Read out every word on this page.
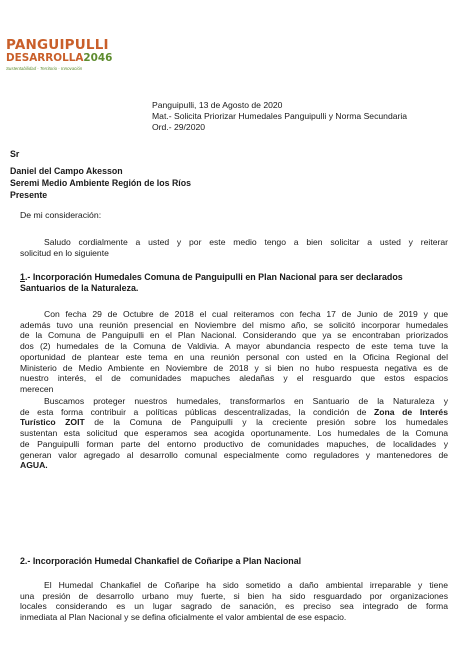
PANGUIPULLI
DESARROLLA2046
Sustentabilidad · Territorio · Innovación
Panguipulli, 13 de Agosto de 2020
Mat.- Solicita Priorizar Humedales Panguipulli y Norma Secundaria
Ord.- 29/2020
Sr
Daniel del Campo Akesson
Seremi Medio Ambiente Región de los Ríos
Presente
De mi consideración:
Saludo cordialmente a usted y por este medio tengo a bien solicitar a usted y reiterar
solicitud en lo siguiente
1.- Incorporación Humedales Comuna de Panguipulli en Plan Nacional para ser declarados
Santuarios de la Naturaleza.
Con fecha 29 de Octubre de 2018 el cual reiteramos con fecha 17 de Junio de 2019 y que
además tuvo una reunión presencial en Noviembre del mismo año, se solicitó incorporar humedales
de la Comuna de Panguipulli en el Plan Nacional. Considerando que ya se encontraban priorizados
dos (2) humedales de la Comuna de Valdivia. A mayor abundancia respecto de este tema tuve la
oportunidad de plantear este tema en una reunión personal con usted en la Oficina Regional del
Ministerio de Medio Ambiente en Noviembre de 2018 y si bien no hubo respuesta negativa es de
nuestro interés, el de comunidades mapuches aledañas y el resguardo que estos espacios
merecen
Buscamos proteger nuestros humedales, transformarlos en Santuario de la Naturaleza y
de esta forma contribuir a políticas públicas descentralizadas, la condición de Zona de Interés
Turístico ZOIT de la Comuna de Panguipulli y la creciente presión sobre los humedales
sustentan esta solicitud que esperamos sea acogida oportunamente. Los humedales de la Comuna
de Panguipulli forman parte del entorno productivo de comunidades mapuches, de localidades y
generan valor agregado al desarrollo comunal especialmente como reguladores y mantenedores de
AGUA.
2.- Incorporación Humedal Chankafiel de Coñaripe a Plan Nacional
El Humedal Chankafiel de Coñaripe ha sido sometido a daño ambiental irreparable y tiene
una presión de desarrollo urbano muy fuerte, si bien ha sido resguardado por organizaciones
locales considerando es un lugar sagrado de sanación, es preciso sea integrado de forma
inmediata al Plan Nacional y se defina oficialmente el valor ambiental de ese espacio.
